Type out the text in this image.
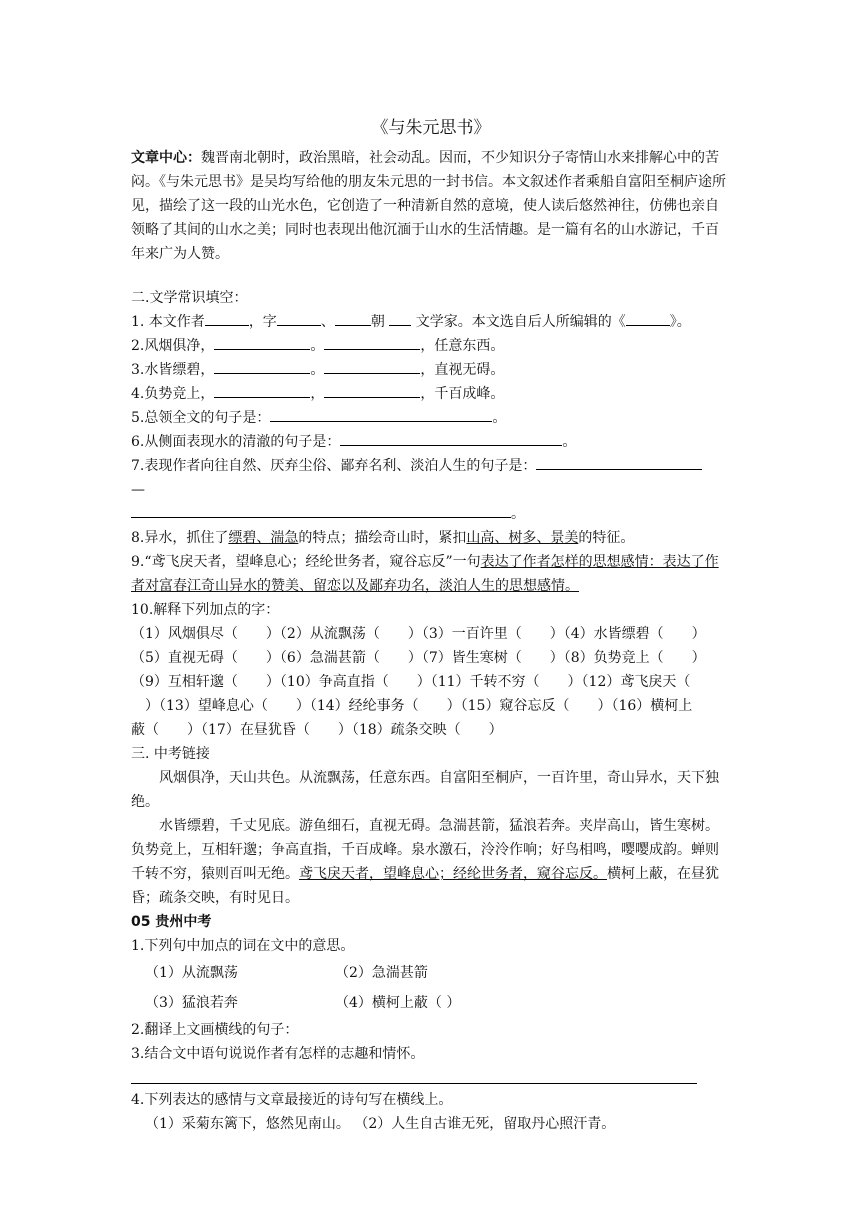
《与朱元思书》

文章中心：魏晋南北朝时，政治黑暗，社会动乱。因而，不少知识分子寄情山水来排解心中的苦闷。《与朱元思书》是吴均写给他的朋友朱元思的一封书信。本文叙述作者乘船自富阳至桐庐途所见，描绘了这一段的山光水色，它创造了一种清新自然的意境，使人读后悠然神往，仿佛也亲自领略了其间的山水之美；同时也表现出他沉湎于山水的生活情趣。是一篇有名的山水游记，千百年来广为人赞。

二.文学常识填空：

1. 本文作者	，字	、	朝 文学家。本文选自后人所编辑的《	》。

2.风烟俱净，	。	，任意东西。

3.水皆缥碧，	。	，直视无碍。

4.负势竞上，	，	，千百成峰。

5.总领全文的句子是：	。

6.从侧面表现水的清澈的句子是：	。

7.表现作者向往自然、厌弃尘俗、鄙弃名利、淡泊人生的句子是：

—

。

8.异水，抓住了缥碧、湍急的特点；描绘奇山时，紧扣山高、树多、景美的特征。

9.“鸢飞戾天者，望峰息心；经纶世务者，窥谷忘反”一句表达了作者怎样的思想感情：表达了作者对富春江奇山异水的赞美、留恋以及鄙弃功名，淡泊人生的思想感情。

10.解释下列加点的字：

（1）风烟俱尽（　　）（2）从流飘荡（　　）（3）一百许里（　　）（4）水皆缥碧（　　）

（5）直视无碍（　　）（6）急湍甚箭（　　）（7）皆生寒树（　　）（8）负势竞上（　　）

（9）互相轩邈（　　）（10）争高直指（　　）（11）千转不穷（　　）（12）鸢飞戾天（

　）（13）望峰息心（　　）（14）经纶事务（　　）（15）窥谷忘反（　　）（16）横柯上

蔽（　　）（17）在昼犹昏（　　）（18）疏条交映（　　）

三. 中考链接

风烟俱净，天山共色。从流飘荡，任意东西。自富阳至桐庐，一百许里，奇山异水，天下独绝。

水皆缥碧，千丈见底。游鱼细石，直视无碍。急湍甚箭，猛浪若奔。夹岸高山，皆生寒树。负势竞上，互相轩邈；争高直指，千百成峰。泉水激石，泠泠作响；好鸟相鸣，嘤嘤成韵。蝉则千转不穷，猿则百叫无绝。鸢飞戾天者，望峰息心；经纶世务者，窥谷忘反。横柯上蔽，在昼犹昏；疏条交映，有时见日。

05 贵州中考

1.下列句中加点的词在文中的意思。

（1）从流飘荡	（2）急湍甚箭
（3）猛浪若奔	（4）横柯上蔽（ ）

2.翻译上文画横线的句子：

3.结合文中语句说说作者有怎样的志趣和情怀。

4.下列表达的感情与文章最接近的诗句写在横线上。

（1）采菊东篱下，悠然见南山。 （2）人生自古谁无死，留取丹心照汗青。
